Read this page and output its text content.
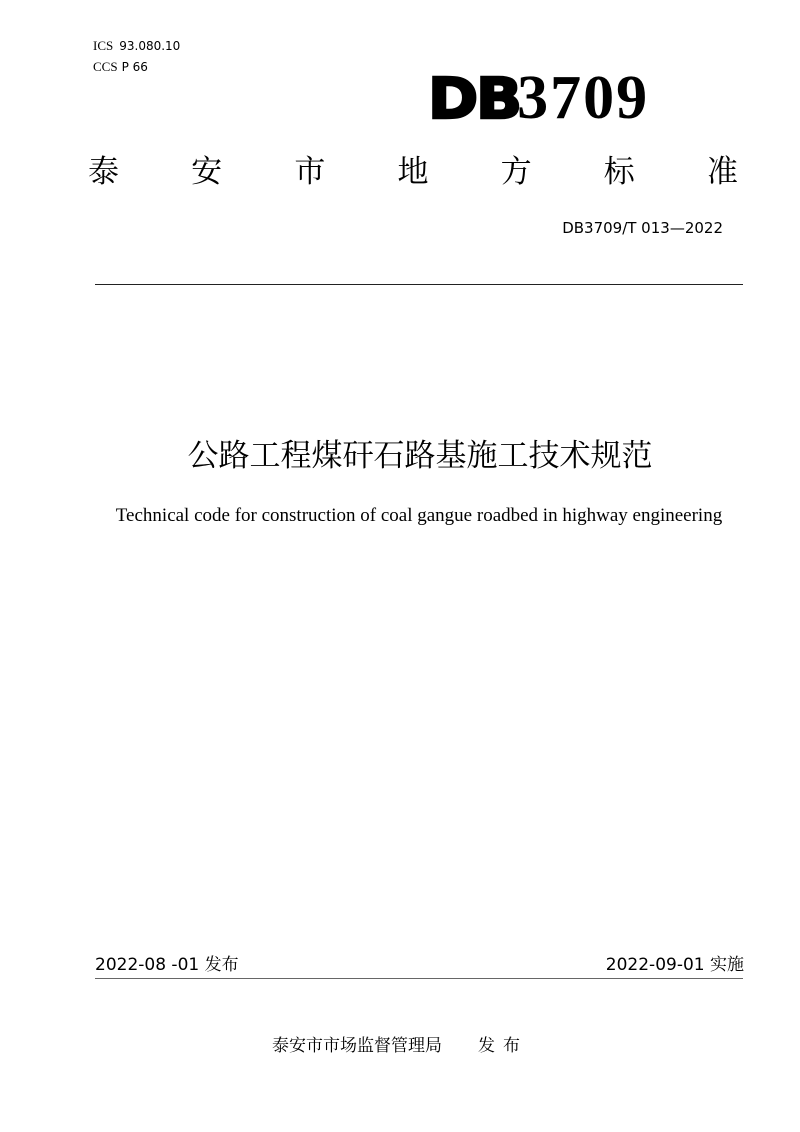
ICS 93.080.10
CCS P 66	DB3709
泰 安 市 地 方 标 准
DB3709/T 013—2022
公路工程煤矸石路基施工技术规范
Technical code for construction of coal gangue roadbed in highway engineering
2022-08 -01 发布	2022-09-01 实施
泰安市市场监督管理局 发布
